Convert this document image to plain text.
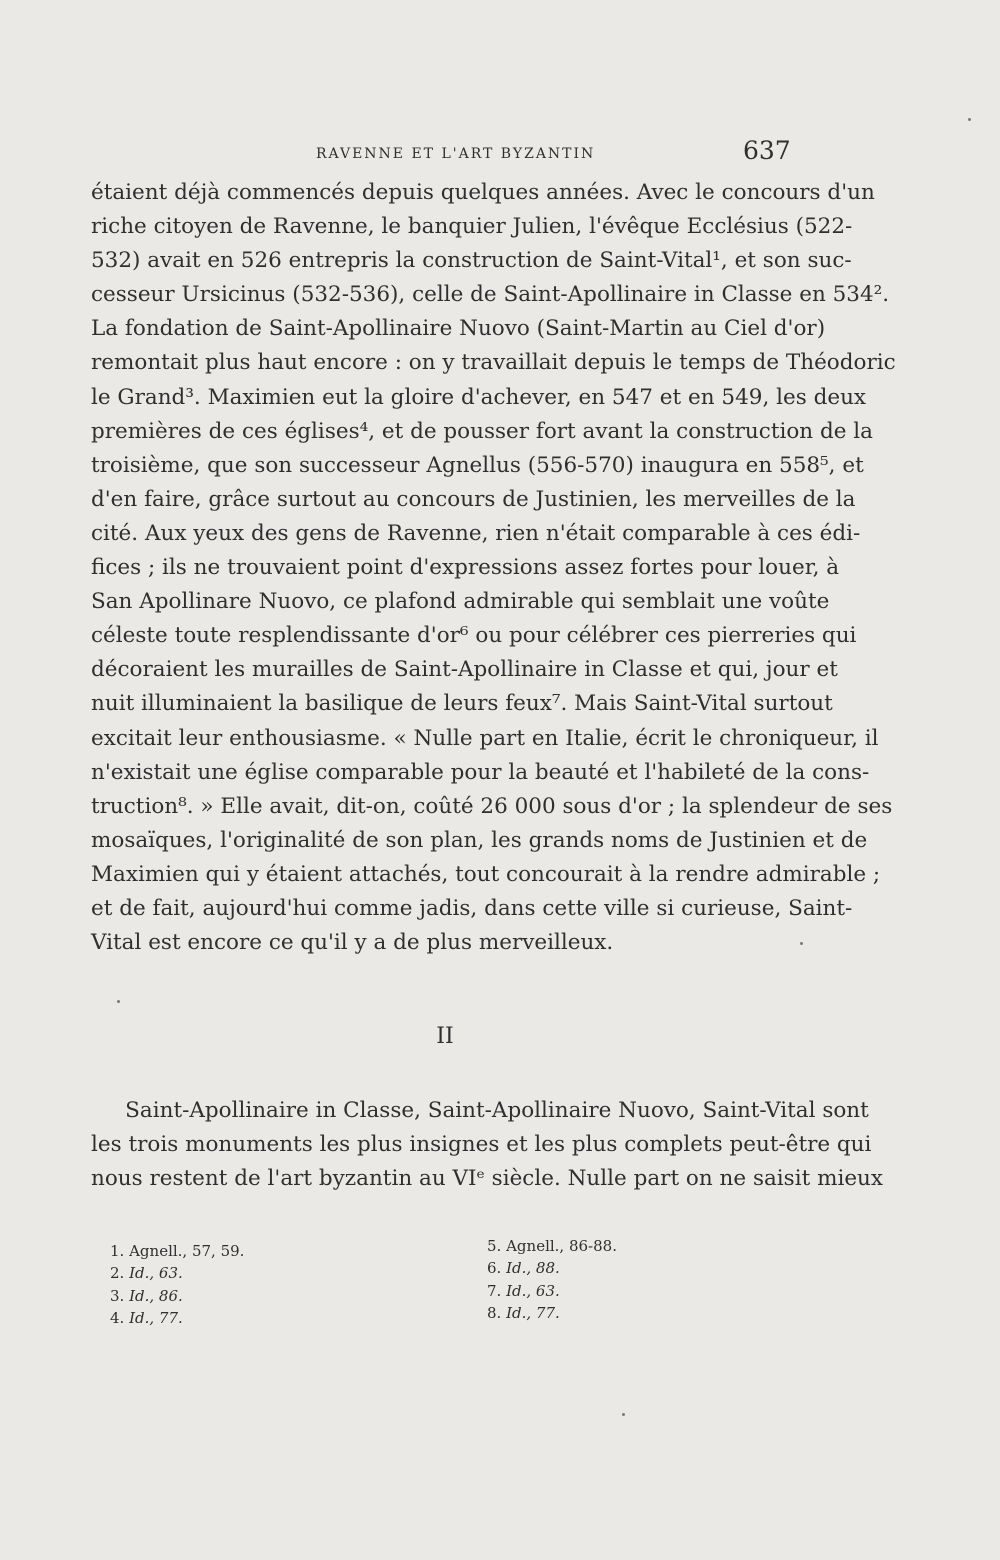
RAVENNE ET L'ART BYZANTIN	637
étaient déjà commencés depuis quelques années. Avec le concours d'un
riche citoyen de Ravenne, le banquier Julien, l'évêque Ecclésius (522-
532) avait en 526 entrepris la construction de Saint-Vital¹, et son suc-
cesseur Ursicinus (532-536), celle de Saint-Apollinaire in Classe en 534².
La fondation de Saint-Apollinaire Nuovo (Saint-Martin au Ciel d'or)
remontait plus haut encore : on y travaillait depuis le temps de Théodoric
le Grand³. Maximien eut la gloire d'achever, en 547 et en 549, les deux
premières de ces églises⁴, et de pousser fort avant la construction de la
troisième, que son successeur Agnellus (556-570) inaugura en 558⁵, et
d'en faire, grâce surtout au concours de Justinien, les merveilles de la
cité. Aux yeux des gens de Ravenne, rien n'était comparable à ces édi-
fices ; ils ne trouvaient point d'expressions assez fortes pour louer, à
San Apollinare Nuovo, ce plafond admirable qui semblait une voûte
céleste toute resplendissante d'or⁶ ou pour célébrer ces pierreries qui
décoraient les murailles de Saint-Apollinaire in Classe et qui, jour et
nuit illuminaient la basilique de leurs feux⁷. Mais Saint-Vital surtout
excitait leur enthousiasme. « Nulle part en Italie, écrit le chroniqueur, il
n'existait une église comparable pour la beauté et l'habileté de la cons-
truction⁸. » Elle avait, dit-on, coûté 26 000 sous d'or ; la splendeur de ses
mosaïques, l'originalité de son plan, les grands noms de Justinien et de
Maximien qui y étaient attachés, tout concourait à la rendre admirable ;
et de fait, aujourd'hui comme jadis, dans cette ville si curieuse, Saint-
Vital est encore ce qu'il y a de plus merveilleux.
II
Saint-Apollinaire in Classe, Saint-Apollinaire Nuovo, Saint-Vital sont
les trois monuments les plus insignes et les plus complets peut-être qui
nous restent de l'art byzantin au VIᵉ siècle. Nulle part on ne saisit mieux
1. Agnell., 57, 59.
2. Id., 63.
3. Id., 86.
4. Id., 77.
5. Agnell., 86-88.
6. Id., 88.
7. Id., 63.
8. Id., 77.
